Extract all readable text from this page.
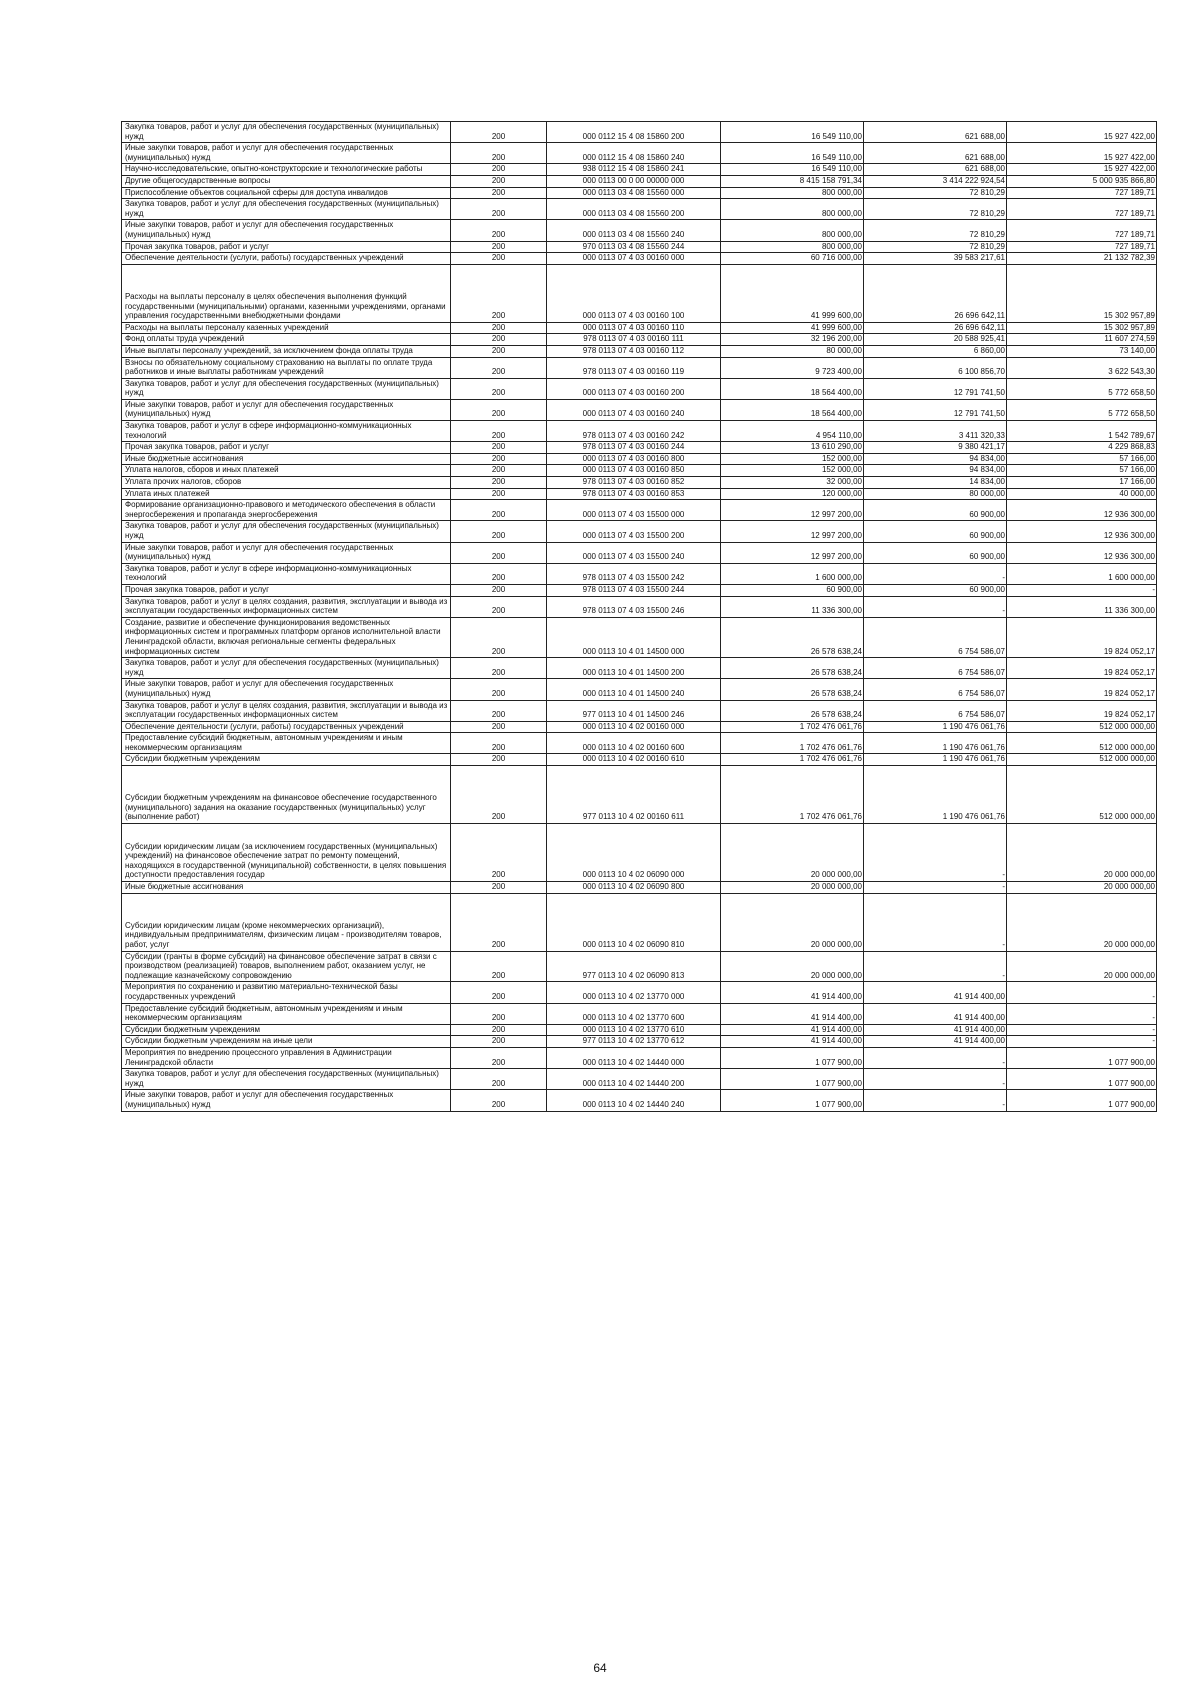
Закупка товаров, работ и услуг для обеспечения государственных (муниципальных) нужд	200	000 0112 15 4 08 15860 200	16 549 110,00	621 688,00	15 927 422,00
Иные закупки товаров, работ и услуг для обеспечения государственных (муниципальных) нужд	200	000 0112 15 4 08 15860 240	16 549 110,00	621 688,00	15 927 422,00
Научно-исследовательские, опытно-конструкторские и технологические работы	200	938 0112 15 4 08 15860 241	16 549 110,00	621 688,00	15 927 422,00
Другие общегосударственные вопросы	200	000 0113 00 0 00 00000 000	8 415 158 791,34	3 414 222 924,54	5 000 935 866,80
Приспособление объектов социальной сферы для доступа инвалидов	200	000 0113 03 4 08 15560 000	800 000,00	72 810,29	727 189,71
Закупка товаров, работ и услуг для обеспечения государственных (муниципальных) нужд	200	000 0113 03 4 08 15560 200	800 000,00	72 810,29	727 189,71
Иные закупки товаров, работ и услуг для обеспечения государственных (муниципальных) нужд	200	000 0113 03 4 08 15560 240	800 000,00	72 810,29	727 189,71
Прочая закупка товаров, работ и услуг	200	970 0113 03 4 08 15560 244	800 000,00	72 810,29	727 189,71
Обеспечение деятельности (услуги, работы) государственных учреждений	200	000 0113 07 4 03 00160 000	60 716 000,00	39 583 217,61	21 132 782,39
Расходы на выплаты персоналу в целях обеспечения выполнения функций государственными (муниципальными) органами, казенными учреждениями, органами управления государственными внебюджетными фондами	200	000 0113 07 4 03 00160 100	41 999 600,00	26 696 642,11	15 302 957,89
Расходы на выплаты персоналу казенных учреждений	200	000 0113 07 4 03 00160 110	41 999 600,00	26 696 642,11	15 302 957,89
Фонд оплаты труда учреждений	200	978 0113 07 4 03 00160 111	32 196 200,00	20 588 925,41	11 607 274,59
Иные выплаты персоналу учреждений, за исключением фонда оплаты труда	200	978 0113 07 4 03 00160 112	80 000,00	6 860,00	73 140,00
Взносы по обязательному социальному страхованию на выплаты по оплате труда работников и иные выплаты работникам учреждений	200	978 0113 07 4 03 00160 119	9 723 400,00	6 100 856,70	3 622 543,30
Закупка товаров, работ и услуг для обеспечения государственных (муниципальных) нужд	200	000 0113 07 4 03 00160 200	18 564 400,00	12 791 741,50	5 772 658,50
Иные закупки товаров, работ и услуг для обеспечения государственных (муниципальных) нужд	200	000 0113 07 4 03 00160 240	18 564 400,00	12 791 741,50	5 772 658,50
Закупка товаров, работ и услуг в сфере информационно-коммуникационных технологий	200	978 0113 07 4 03 00160 242	4 954 110,00	3 411 320,33	1 542 789,67
Прочая закупка товаров, работ и услуг	200	978 0113 07 4 03 00160 244	13 610 290,00	9 380 421,17	4 229 868,83
Иные бюджетные ассигнования	200	000 0113 07 4 03 00160 800	152 000,00	94 834,00	57 166,00
Уплата налогов, сборов и иных платежей	200	000 0113 07 4 03 00160 850	152 000,00	94 834,00	57 166,00
Уплата прочих налогов, сборов	200	978 0113 07 4 03 00160 852	32 000,00	14 834,00	17 166,00
Уплата иных платежей	200	978 0113 07 4 03 00160 853	120 000,00	80 000,00	40 000,00
Формирование организационно-правового и методического обеспечения в области энергосбережения и пропаганда энергосбережения	200	000 0113 07 4 03 15500 000	12 997 200,00	60 900,00	12 936 300,00
Закупка товаров, работ и услуг для обеспечения государственных (муниципальных) нужд	200	000 0113 07 4 03 15500 200	12 997 200,00	60 900,00	12 936 300,00
Иные закупки товаров, работ и услуг для обеспечения государственных (муниципальных) нужд	200	000 0113 07 4 03 15500 240	12 997 200,00	60 900,00	12 936 300,00
Закупка товаров, работ и услуг в сфере информационно-коммуникационных технологий	200	978 0113 07 4 03 15500 242	1 600 000,00	-	1 600 000,00
Прочая закупка товаров, работ и услуг	200	978 0113 07 4 03 15500 244	60 900,00	60 900,00	-
Закупка товаров, работ и услуг в целях создания, развития, эксплуатации и вывода из эксплуатации государственных информационных систем	200	978 0113 07 4 03 15500 246	11 336 300,00	-	11 336 300,00
Создание, развитие и обеспечение функционирования ведомственных информационных систем и программных платформ органов исполнительной власти Ленинградской области, включая региональные сегменты федеральных информационных систем	200	000 0113 10 4 01 14500 000	26 578 638,24	6 754 586,07	19 824 052,17
Закупка товаров, работ и услуг для обеспечения государственных (муниципальных) нужд	200	000 0113 10 4 01 14500 200	26 578 638,24	6 754 586,07	19 824 052,17
Иные закупки товаров, работ и услуг для обеспечения государственных (муниципальных) нужд	200	000 0113 10 4 01 14500 240	26 578 638,24	6 754 586,07	19 824 052,17
Закупка товаров, работ и услуг в целях создания, развития, эксплуатации и вывода из эксплуатации государственных информационных систем	200	977 0113 10 4 01 14500 246	26 578 638,24	6 754 586,07	19 824 052,17
Обеспечение деятельности (услуги, работы) государственных учреждений	200	000 0113 10 4 02 00160 000	1 702 476 061,76	1 190 476 061,76	512 000 000,00
Предоставление субсидий бюджетным, автономным учреждениям и иным некоммерческим организациям	200	000 0113 10 4 02 00160 600	1 702 476 061,76	1 190 476 061,76	512 000 000,00
Субсидии бюджетным учреждениям	200	000 0113 10 4 02 00160 610	1 702 476 061,76	1 190 476 061,76	512 000 000,00
Субсидии бюджетным учреждениям на финансовое обеспечение государственного (муниципального) задания на оказание государственных (муниципальных) услуг (выполнение работ)	200	977 0113 10 4 02 00160 611	1 702 476 061,76	1 190 476 061,76	512 000 000,00
Субсидии юридическим лицам (за исключением государственных (муниципальных) учреждений) на финансовое обеспечение затрат по ремонту помещений, находящихся в государственной (муниципальной) собственности, в целях повышения доступности предоставления государ	200	000 0113 10 4 02 06090 000	20 000 000,00	-	20 000 000,00
Иные бюджетные ассигнования	200	000 0113 10 4 02 06090 800	20 000 000,00	-	20 000 000,00
Субсидии юридическим лицам (кроме некоммерческих организаций), индивидуальным предпринимателям, физическим лицам - производителям товаров, работ, услуг	200	000 0113 10 4 02 06090 810	20 000 000,00	-	20 000 000,00
Субсидии (гранты в форме субсидий) на финансовое обеспечение затрат в связи с производством (реализацией) товаров, выполнением работ, оказанием услуг, не подлежащие казначейскому сопровождению	200	977 0113 10 4 02 06090 813	20 000 000,00	-	20 000 000,00
Мероприятия по сохранению и развитию материально-технической базы государственных учреждений	200	000 0113 10 4 02 13770 000	41 914 400,00	41 914 400,00	-
Предоставление субсидий бюджетным, автономным учреждениям и иным некоммерческим организациям	200	000 0113 10 4 02 13770 600	41 914 400,00	41 914 400,00	-
Субсидии бюджетным учреждениям	200	000 0113 10 4 02 13770 610	41 914 400,00	41 914 400,00	-
Субсидии бюджетным учреждениям на иные цели	200	977 0113 10 4 02 13770 612	41 914 400,00	41 914 400,00	-
Мероприятия по внедрению процессного управления в Администрации Ленинградской области	200	000 0113 10 4 02 14440 000	1 077 900,00	-	1 077 900,00
Закупка товаров, работ и услуг для обеспечения государственных (муниципальных) нужд	200	000 0113 10 4 02 14440 200	1 077 900,00	-	1 077 900,00
Иные закупки товаров, работ и услуг для обеспечения государственных (муниципальных) нужд	200	000 0113 10 4 02 14440 240	1 077 900,00	-	1 077 900,00
64
